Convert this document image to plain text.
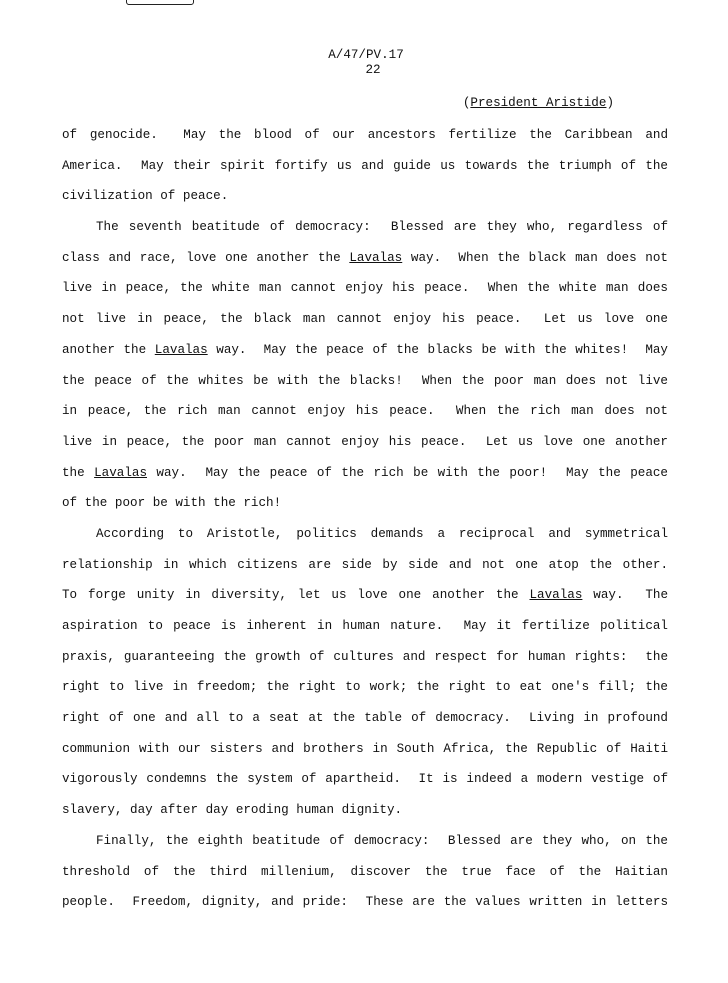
A/47/PV.17
22
(President Aristide)
of genocide.  May the blood of our ancestors fertilize the Caribbean and
America.  May their spirit fortify us and guide us towards the triumph of the
civilization of peace.
The seventh beatitude of democracy:  Blessed are they who, regardless of
class and race, love one another the Lavalas way.  When the black man does not
live in peace, the white man cannot enjoy his peace.  When the white man does
not live in peace, the black man cannot enjoy his peace.  Let us love one
another the Lavalas way.  May the peace of the blacks be with the whites!  May
the peace of the whites be with the blacks!  When the poor man does not live
in peace, the rich man cannot enjoy his peace.  When the rich man does not
live in peace, the poor man cannot enjoy his peace.  Let us love one another
the Lavalas way.  May the peace of the rich be with the poor!  May the peace
of the poor be with the rich!
According to Aristotle, politics demands a reciprocal and symmetrical
relationship in which citizens are side by side and not one atop the other.
To forge unity in diversity, let us love one another the Lavalas way.  The
aspiration to peace is inherent in human nature.  May it fertilize political
praxis, guaranteeing the growth of cultures and respect for human rights:  the
right to live in freedom; the right to work; the right to eat one's fill; the
right of one and all to a seat at the table of democracy.  Living in profound
communion with our sisters and brothers in South Africa, the Republic of Haiti
vigorously condemns the system of apartheid.  It is indeed a modern vestige of
slavery, day after day eroding human dignity.
Finally, the eighth beatitude of democracy:  Blessed are they who, on the
threshold of the third millenium, discover the true face of the Haitian
people.  Freedom, dignity, and pride:  These are the values written in letters
